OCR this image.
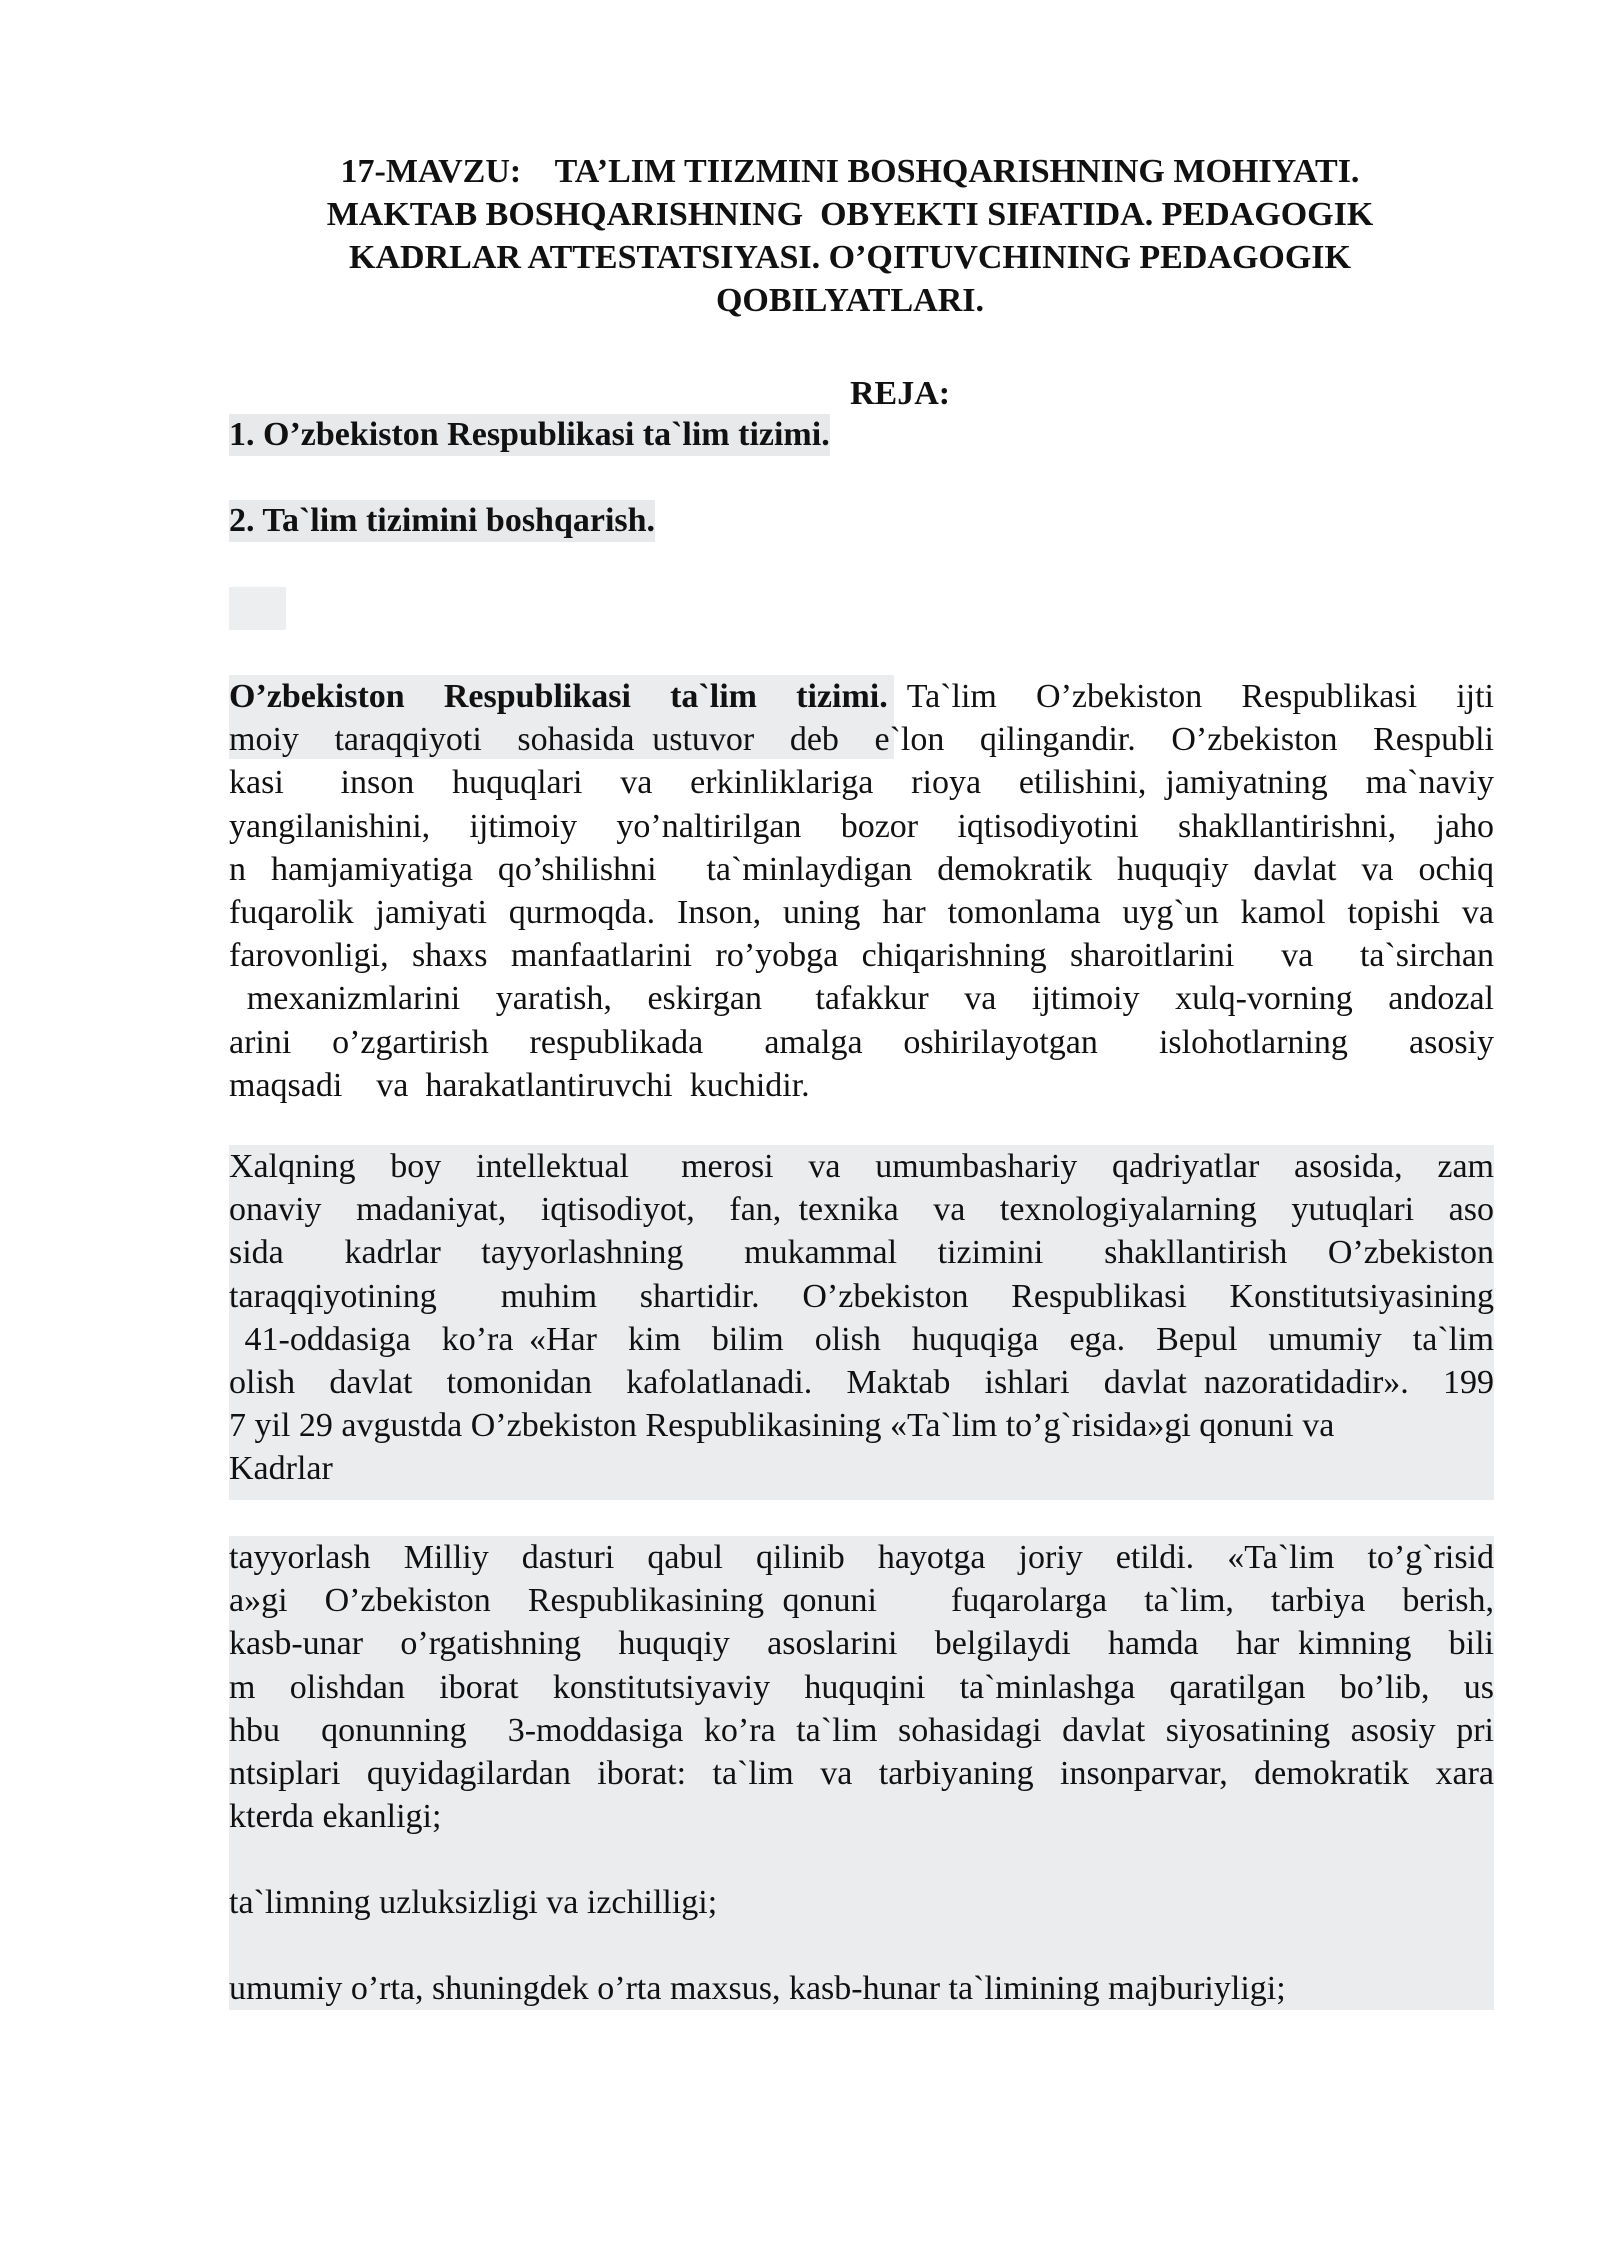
17-MAVZU:    TA’LIM TIIZMINI BOSHQARISHNING MOHIYATI.
MAKTAB BOSHQARISHNING  OBYEKTI SIFATIDA. PEDAGOGIK
KADRLAR ATTESTATSIYASI. O’QITUVCHINING PEDAGOGIK
QOBILYATLARI.
REJA:
1. O’zbekiston Respublikasi ta`lim tizimi.
2. Ta`lim tizimini boshqarish.
O’zbekiston  Respublikasi  ta`lim  tizimi. Ta`lim  O’zbekiston  Respublikasi  ijti
moiy  taraqqiyoti  sohasida ustuvor  deb  e`lon  qilingandir.  O’zbekiston  Respubli
kasi   inson  huquqlari  va  erkinliklariga  rioya  etilishini, jamiyatning  ma`naviy
yangilanishini,  ijtimoiy  yo’naltirilgan  bozor  iqtisodiyotini  shakllantirishni,  jaho
n hamjamiyatiga qo’shilishni  ta`minlaydigan demokratik huquqiy davlat va ochiq
fuqarolik jamiyati qurmoqda. Inson, uning har tomonlama uyg`un kamol topishi va
farovonligi, shaxs manfaatlarini ro’yobga chiqarishning sharoitlarini  va  ta`sirchan
mexanizmlarini  yaratish,  eskirgan   tafakkur  va  ijtimoiy  xulq-vorning  andozal
arini  o’zgartirish  respublikada   amalga  oshirilayotgan   islohotlarning   asosiy
maqsadi    va  harakatlantiruvchi  kuchidir.
Xalqning  boy  intellektual   merosi  va  umumbashariy  qadriyatlar  asosida,  zam
onaviy  madaniyat,  iqtisodiyot,  fan, texnika  va  texnologiyalarning  yutuqlari  aso
sida   kadrlar  tayyorlashning   mukammal  tizimini   shakllantirish  O’zbekiston
taraqqiyotining   muhim  shartidir.  O’zbekiston  Respublikasi  Konstitutsiyasining
41-oddasiga  ko’ra «Har  kim  bilim  olish  huquqiga  ega.  Bepul  umumiy  ta`lim
olish  davlat  tomonidan  kafolatlanadi.  Maktab  ishlari  davlat nazoratidadir».  199
7 yil 29 avgustda O’zbekiston Respublikasining «Ta`lim to’g`risida»gi qonuni va
Kadrlar
tayyorlash  Milliy  dasturi  qabul  qilinib  hayotga  joriy  etildi.  «Ta`lim  to’g`risid
a»gi  O’zbekiston  Respublikasining qonuni    fuqarolarga  ta`lim,  tarbiya  berish,
kasb-unar  o’rgatishning  huquqiy  asoslarini  belgilaydi  hamda  har kimning  bili
m  olishdan  iborat  konstitutsiyaviy  huquqini  ta`minlashga  qaratilgan  bo’lib,  us
hbu  qonunning  3-moddasiga ko’ra ta`lim sohasidagi davlat siyosatining asosiy pri
ntsiplari quyidagilardan iborat: ta`lim va tarbiyaning insonparvar, demokratik xara
kterda ekanligi;
ta`limning uzluksizligi va izchilligi;
umumiy o’rta, shuningdek o’rta maxsus, kasb-hunar ta`limining majburiyligi;
